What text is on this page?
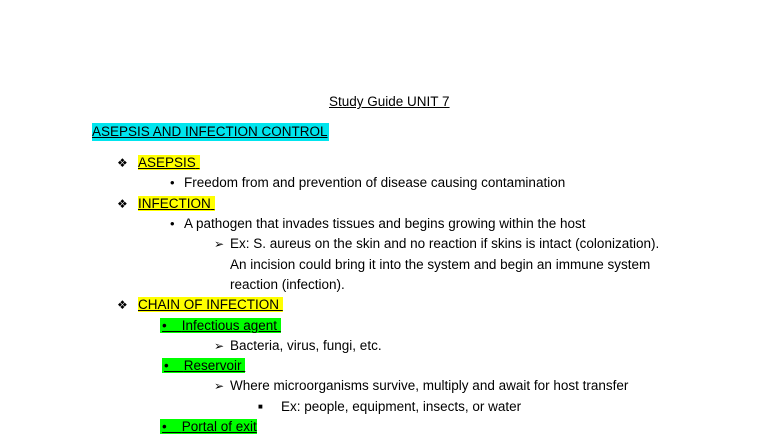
Study Guide UNIT 7
ASEPSIS AND INFECTION CONTROL
❖ ASEPSIS
• Freedom from and prevention of disease causing contamination
❖ INFECTION
• A pathogen that invades tissues and begins growing within the host
➢ Ex: S. aureus on the skin and no reaction if skins is intact (colonization).
An incision could bring it into the system and begin an immune system
reaction (infection).
❖ CHAIN OF INFECTION
•    Infectious agent
➢ Bacteria, virus, fungi, etc.
•    Reservoir
➢ Where microorganisms survive, multiply and await for host transfer
■ Ex: people, equipment, insects, or water
•    Portal of exit
